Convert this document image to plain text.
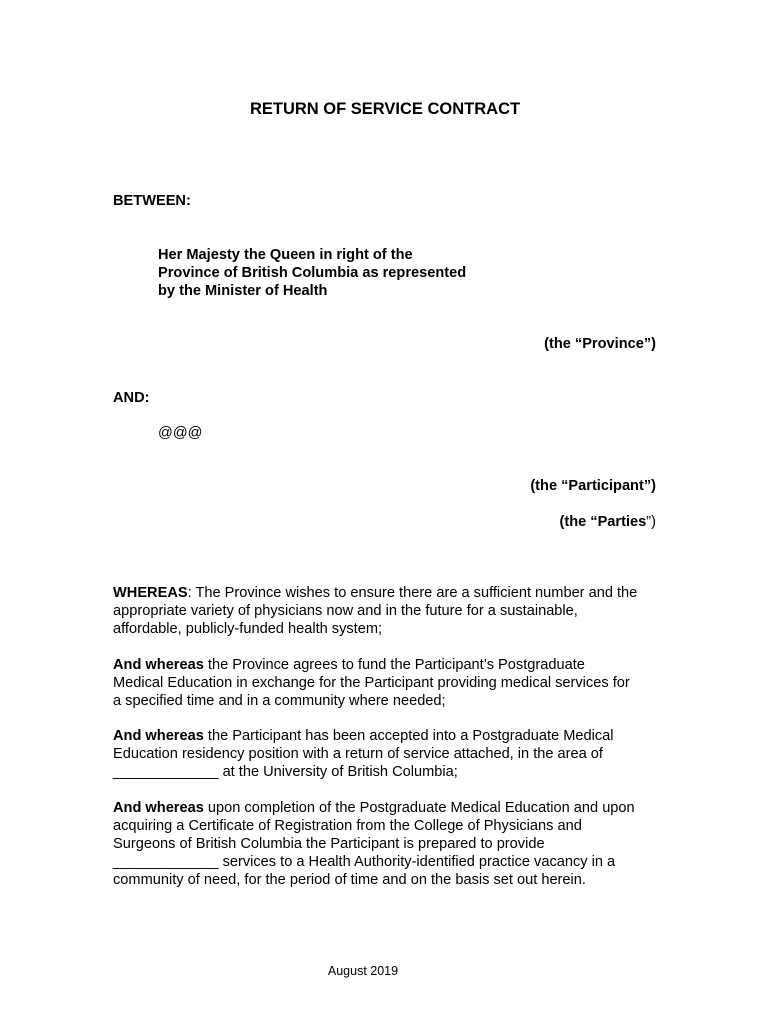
RETURN OF SERVICE CONTRACT
BETWEEN:
Her Majesty the Queen in right of the
Province of British Columbia as represented
by the Minister of Health
(the “Province”)
AND:
@@@
(the “Participant”)
(the “Parties”)
WHEREAS: The Province wishes to ensure there are a sufficient number and the
appropriate variety of physicians now and in the future for a sustainable,
affordable, publicly-funded health system;
And whereas the Province agrees to fund the Participant’s Postgraduate
Medical Education in exchange for the Participant providing medical services for
a specified time and in a community where needed;
And whereas the Participant has been accepted into a Postgraduate Medical
Education residency position with a return of service attached, in the area of
_____________ at the University of British Columbia;
And whereas upon completion of the Postgraduate Medical Education and upon
acquiring a Certificate of Registration from the College of Physicians and
Surgeons of British Columbia the Participant is prepared to provide
_____________ services to a Health Authority-identified practice vacancy in a
community of need, for the period of time and on the basis set out herein.
August 2019
